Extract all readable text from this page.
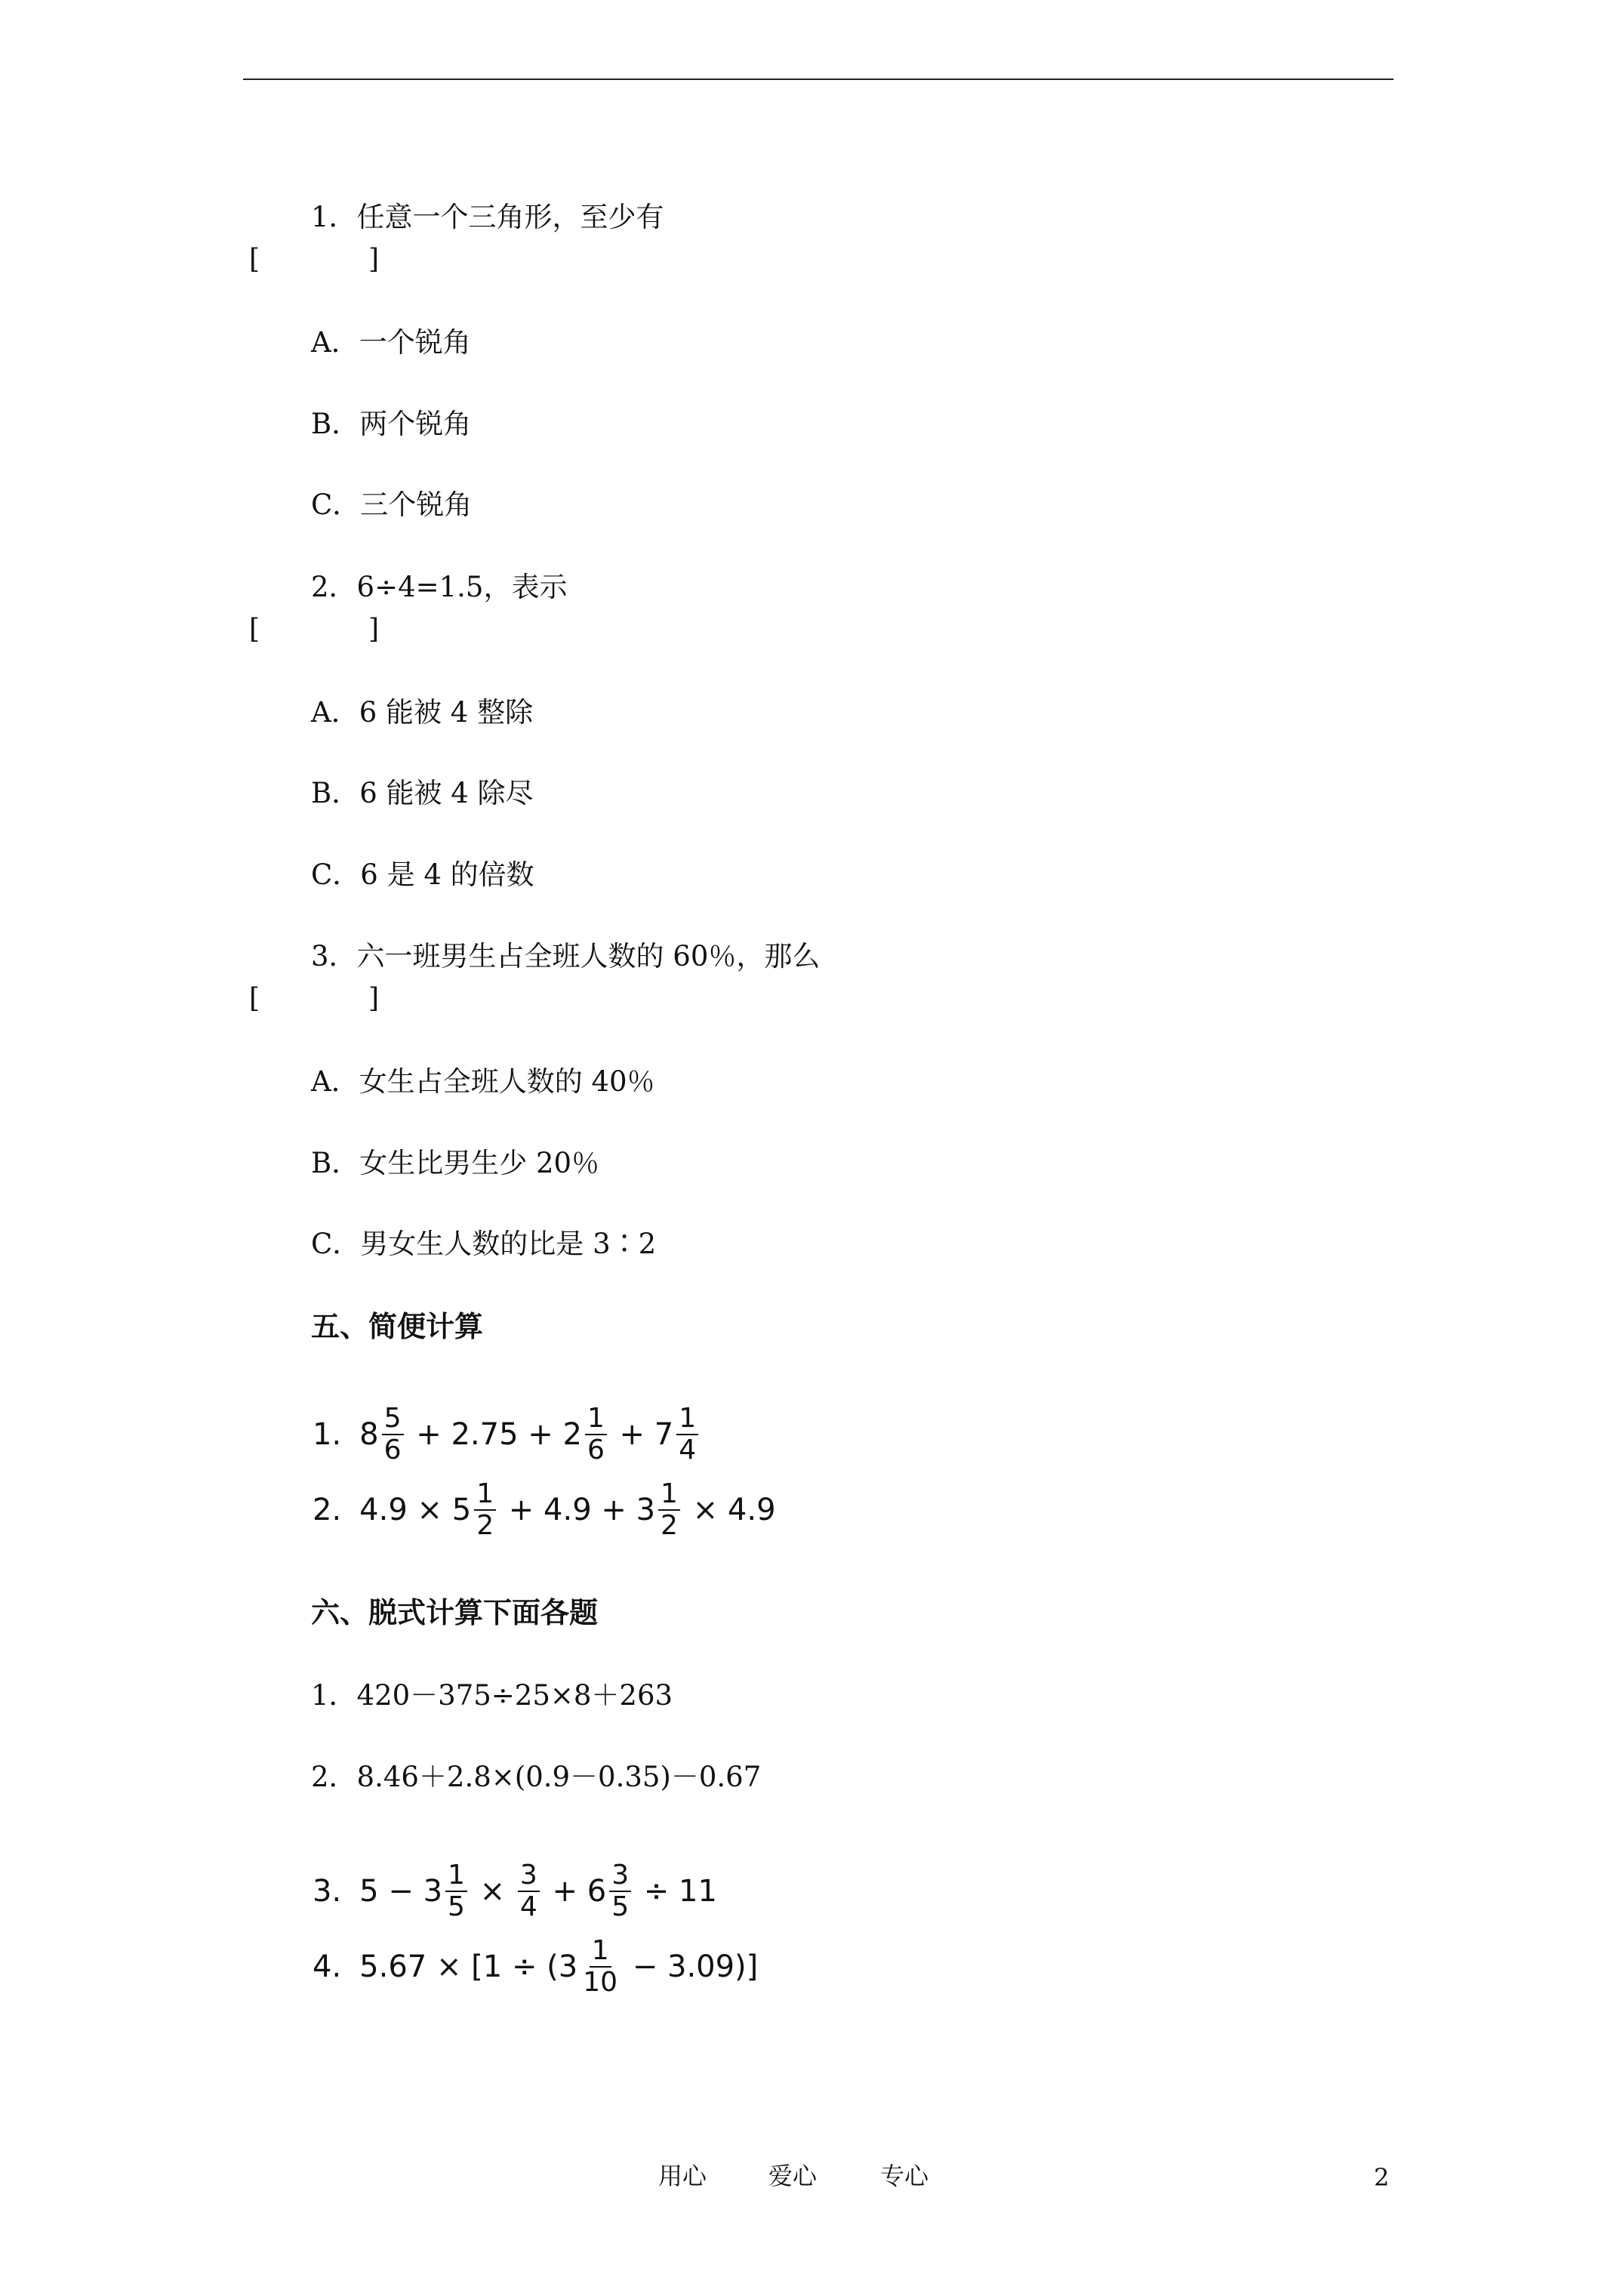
1．任意一个三角形，至少有
[　　　　]
A．一个锐角
B．两个锐角
C．三个锐角
2．6÷4=1.5，表示
[　　　　]
A．6 能被 4 整除
B．6 能被 4 除尽
C．6 是 4 的倍数
3．六一班男生占全班人数的 60％，那么
[　　　　]
A．女生占全班人数的 40％
B．女生比男生少 20％
C．男女生人数的比是 3∶2
五、简便计算
1. $8 \frac{5}{6} + 2.75 + 2 \frac{1}{6} + 7 \frac{1}{4}$
2. $4.9 \times 5 \frac{1}{2} + 4.9 + 3 \frac{1}{2} \times 4.9$
六、脱式计算下面各题
1．420－375÷25×8＋263
2．8.46＋2.8×(0.9－0.35)－0.67
3. $5 - 3 \frac{1}{5} \times \frac{3}{4} + 6 \frac{3}{5} \div 11$
4. $5.67 \times [1 \div (3 \frac{1}{10} - 3.09)]$
用心	爱心	专心	2
